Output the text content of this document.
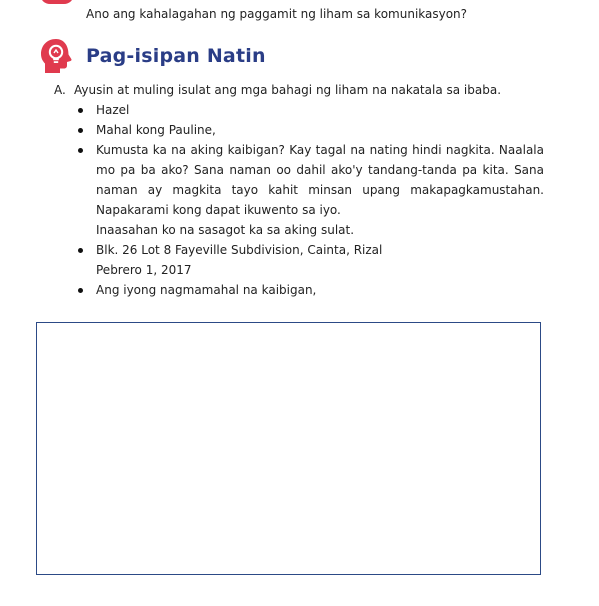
Ano ang kahalagahan ng paggamit ng liham sa komunikasyon?
Pag-isipan Natin
A. Ayusin at muling isulat ang mga bahagi ng liham na nakatala sa ibaba.
Hazel
Mahal kong Pauline,
Kumusta ka na aking kaibigan? Kay tagal na nating hindi nagkita. Naalala mo pa ba ako? Sana naman oo dahil ako'y tandang-tanda pa kita. Sana naman ay magkita tayo kahit minsan upang makapagkamustahan. Napakarami kong dapat ikuwento sa iyo.
Inaasahan ko na sasagot ka sa aking sulat.
Blk. 26 Lot 8 Fayeville Subdivision, Cainta, Rizal
Pebrero 1, 2017
Ang iyong nagmamahal na kaibigan,
